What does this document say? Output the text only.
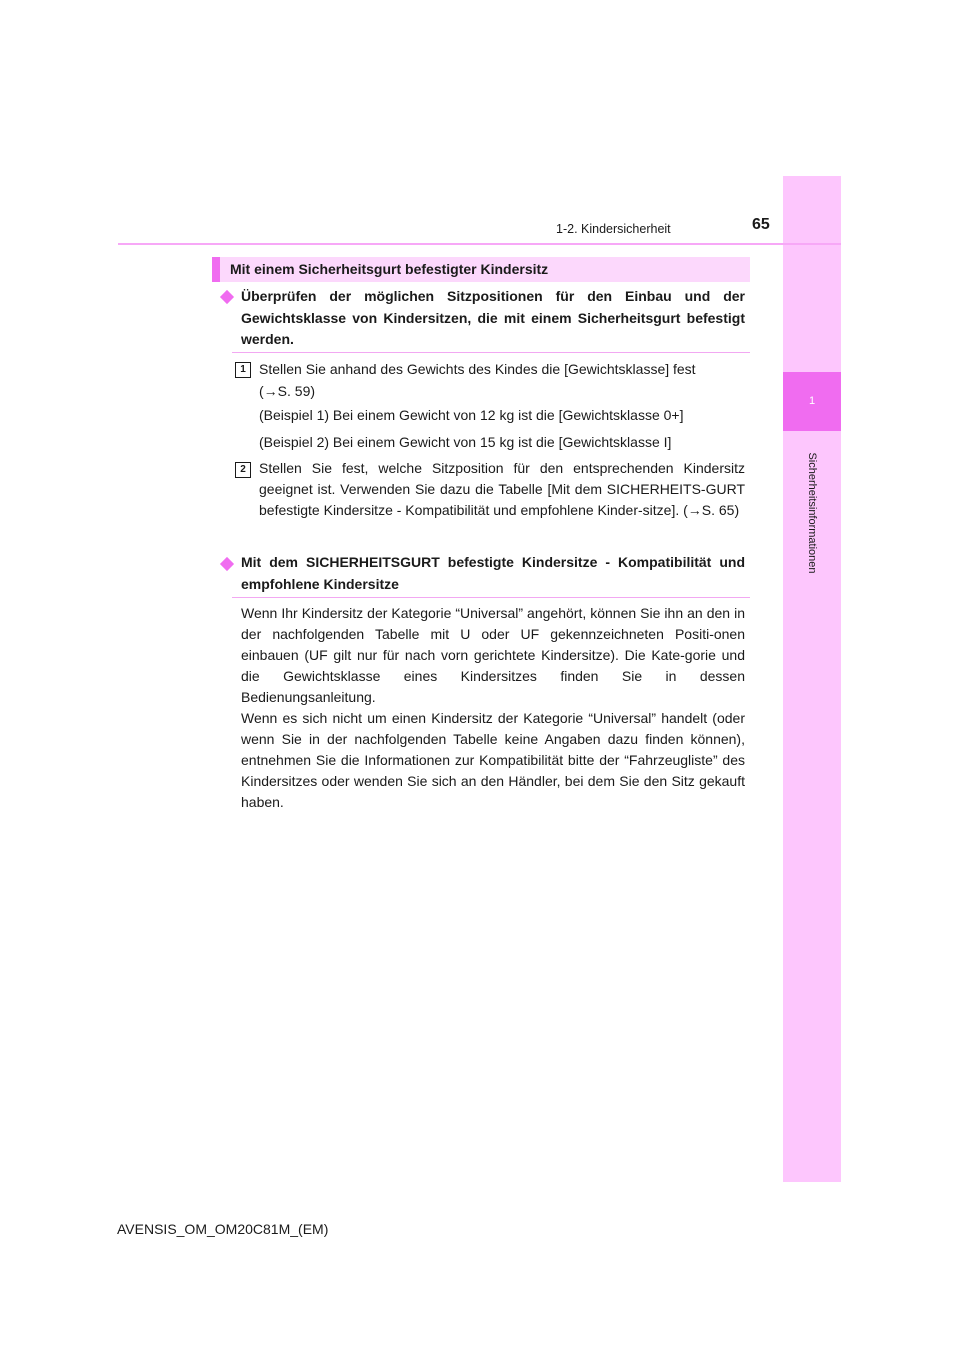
1
Sicherheitsinformationen
1-2. Kindersicherheit	65
Mit einem Sicherheitsgurt befestigter Kindersitz
Überprüfen der möglichen Sitzpositionen für den Einbau und der Gewichtsklasse von Kindersitzen, die mit einem Sicherheitsgurt befestigt werden.
1 Stellen Sie anhand des Gewichts des Kindes die [Gewichtsklasse] fest
(→S. 59)
(Beispiel 1) Bei einem Gewicht von 12 kg ist die [Gewichtsklasse 0+]
(Beispiel 2) Bei einem Gewicht von 15 kg ist die [Gewichtsklasse I]
2 Stellen Sie fest, welche Sitzposition für den entsprechenden Kindersitz geeignet ist. Verwenden Sie dazu die Tabelle [Mit dem SICHERHEITS-GURT befestigte Kindersitze - Kompatibilität und empfohlene Kinder-sitze]. (→S. 65)
Mit dem SICHERHEITSGURT befestigte Kindersitze - Kompatibilität und empfohlene Kindersitze
Wenn Ihr Kindersitz der Kategorie “Universal” angehört, können Sie ihn an den in der nachfolgenden Tabelle mit U oder UF gekennzeichneten Positi-onen einbauen (UF gilt nur für nach vorn gerichtete Kindersitze). Die Kate-gorie und die Gewichtsklasse eines Kindersitzes finden Sie in dessen Bedienungsanleitung.
Wenn es sich nicht um einen Kindersitz der Kategorie “Universal” handelt (oder wenn Sie in der nachfolgenden Tabelle keine Angaben dazu finden können), entnehmen Sie die Informationen zur Kompatibilität bitte der “Fahrzeugliste” des Kindersitzes oder wenden Sie sich an den Händler, bei dem Sie den Sitz gekauft haben.
AVENSIS_OM_OM20C81M_(EM)
